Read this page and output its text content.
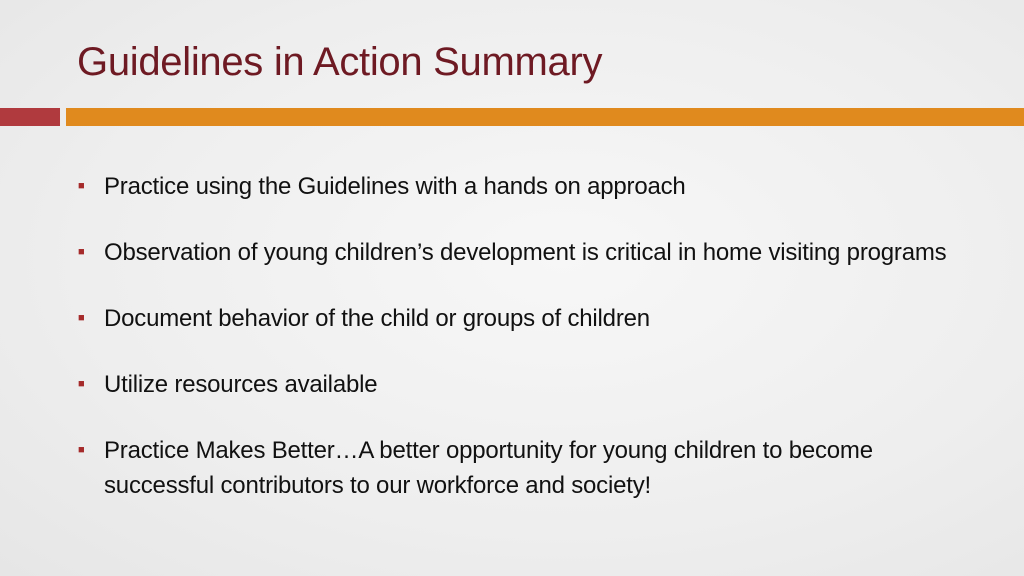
Guidelines in Action Summary
■ Practice using the Guidelines with a hands on approach
■ Observation of young children’s development is critical in home visiting programs
■ Document behavior of the child or groups of children
■ Utilize resources available
■ Practice Makes Better…A better opportunity for young children to become successful contributors to our workforce and society!
